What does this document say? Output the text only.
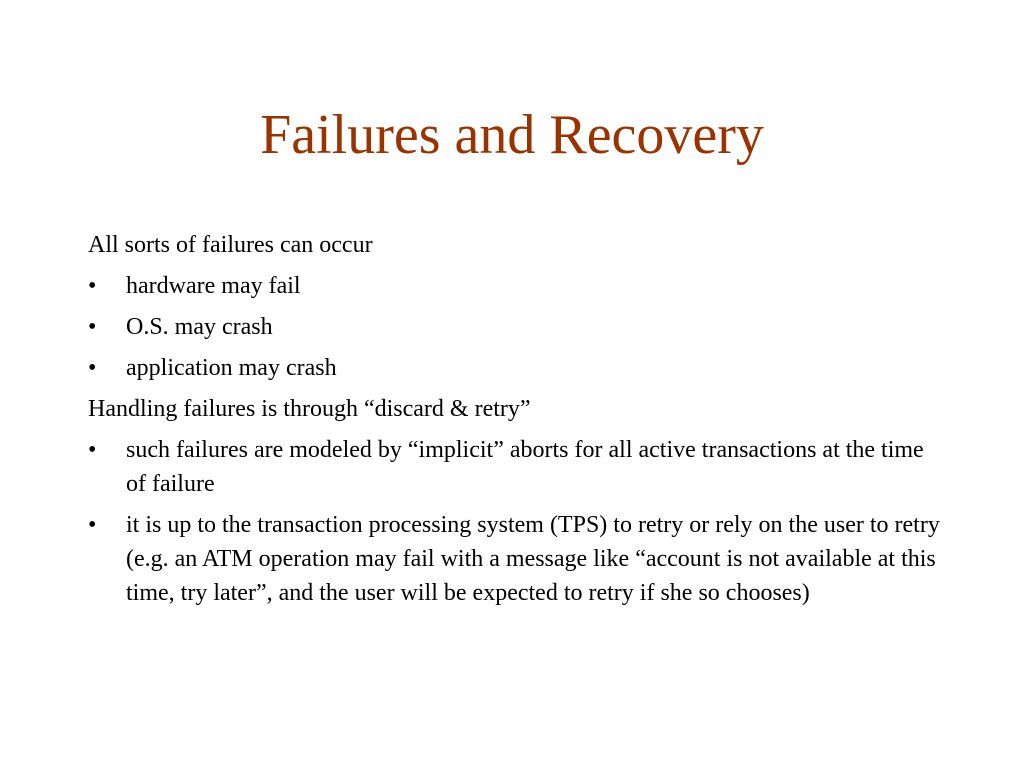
Failures and Recovery

All sorts of failures can occur

• hardware may fail
• O.S. may crash
• application may crash

Handling failures is through “discard & retry”

• such failures are modeled by “implicit” aborts for all active transactions at the time of failure
• it is up to the transaction processing system (TPS) to retry or rely on the user to retry (e.g. an ATM operation may fail with a message like “account is not available at this time, try later”, and the user will be expected to retry if she so chooses)
